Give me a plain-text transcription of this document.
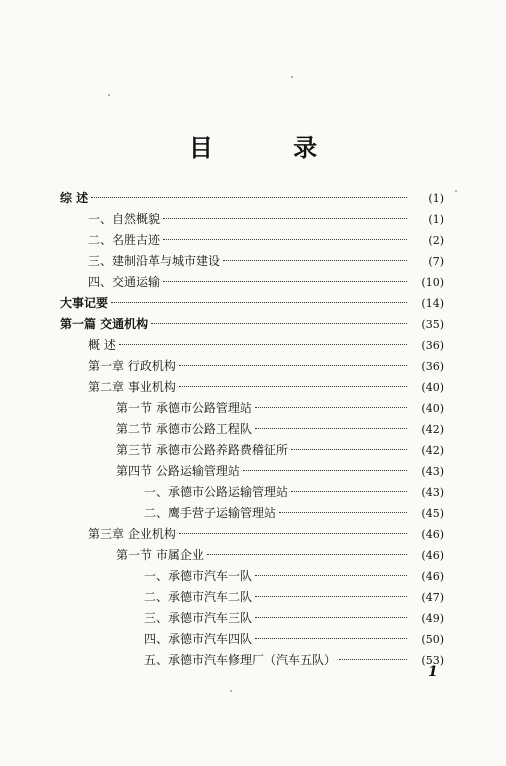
目 录
综 述	(1)
一、自然概貌	(1)
二、名胜古迹	(2)
三、建制沿革与城市建设	(7)
四、交通运输	(10)
大事记要	(14)
第一篇 交通机构	(35)
概 述	(36)
第一章 行政机构	(36)
第二章 事业机构	(40)
第一节 承德市公路管理站	(40)
第二节 承德市公路工程队	(42)
第三节 承德市公路养路费稽征所	(42)
第四节 公路运输管理站	(43)
一、承德市公路运输管理站	(43)
二、鹰手营子运输管理站	(45)
第三章 企业机构	(46)
第一节 市属企业	(46)
一、承德市汽车一队	(46)
二、承德市汽车二队	(47)
三、承德市汽车三队	(49)
四、承德市汽车四队	(50)
五、承德市汽车修理厂（汽车五队）	(53)
1
